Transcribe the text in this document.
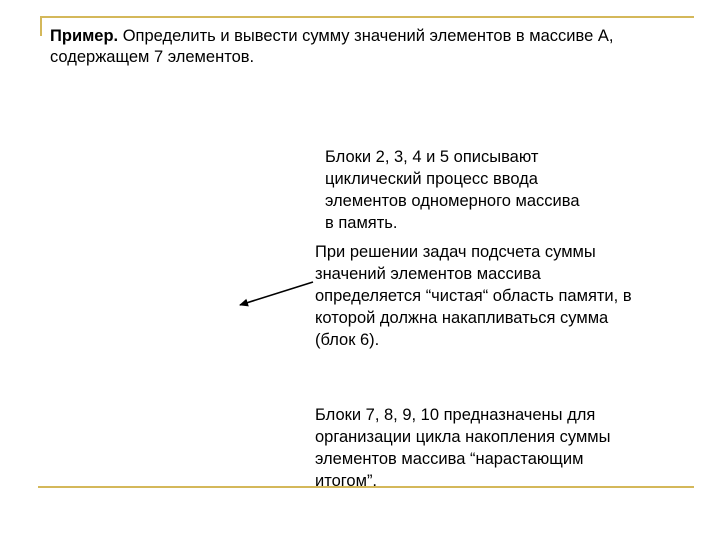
Пример. Определить и вывести сумму значений элементов в массиве А,
содержащем 7 элементов.
Блоки 2, 3, 4 и 5 описывают
циклический процесс ввода
элементов одномерного массива
в память.
При решении задач подсчета суммы
значений элементов массива
определяется “чистая“ область памяти, в
которой должна накапливаться сумма
(блок 6).
Блоки 7, 8, 9, 10 предназначены для
организации цикла накопления суммы
элементов массива “нарастающим
итогом”.
